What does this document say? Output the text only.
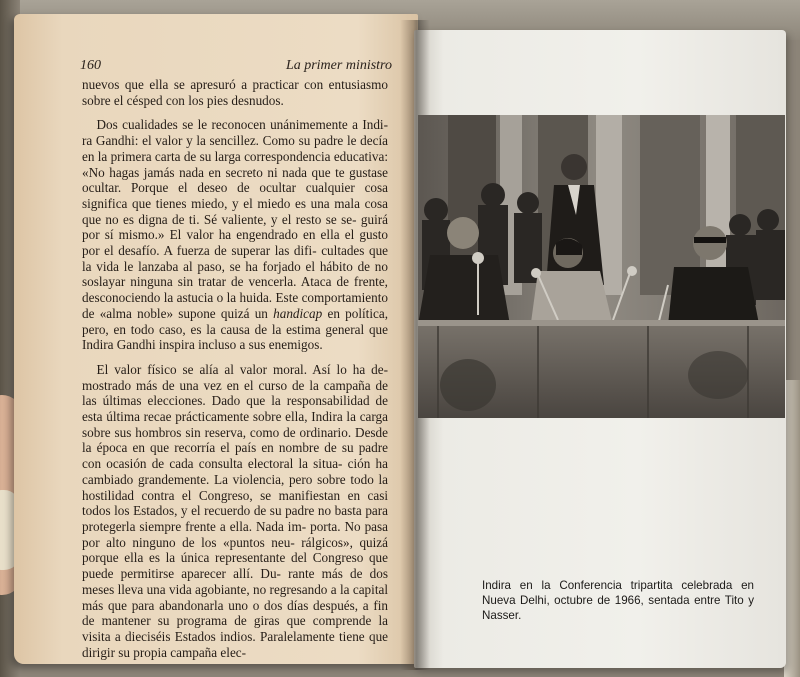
160	La primer ministro

nuevos que ella se apresuró a practicar con entusiasmo sobre el césped con los pies desnudos.

Dos cualidades se le reconocen unánimemente a Indi- ra Gandhi: el valor y la sencillez. Como su padre le decía en la primera carta de su larga correspondencia educativa: «No hagas jamás nada en secreto ni nada que te gustase ocultar. Porque el deseo de ocultar cualquier cosa significa que tienes miedo, y el miedo es una mala cosa que no es digna de ti. Sé valiente, y el resto se se- guirá por sí mismo.» El valor ha engendrado en ella el gusto por el desafío. A fuerza de superar las difi- cultades que la vida le lanzaba al paso, se ha forjado el hábito de no soslayar ninguna sin tratar de vencerla. Ataca de frente, desconociendo la astucia o la huida. Este comportamiento de «alma noble» supone quizá un handicap en política, pero, en todo caso, es la causa de la estima general que Indira Gandhi inspira incluso a sus enemigos.

El valor físico se alía al valor moral. Así lo ha de- mostrado más de una vez en el curso de la campaña de las últimas elecciones. Dado que la responsabilidad de esta última recae prácticamente sobre ella, Indira la carga sobre sus hombros sin reserva, como de ordinario. Desde la época en que recorría el país en nombre de su padre con ocasión de cada consulta electoral la situa- ción ha cambiado grandemente. La violencia, pero sobre todo la hostilidad contra el Congreso, se manifiestan en casi todos los Estados, y el recuerdo de su padre no basta para protegerla siempre frente a ella. Nada im- porta. No pasa por alto ninguno de los «puntos neu- rálgicos», quizá porque ella es la única representante del Congreso que puede permitirse aparecer allí. Du- rante más de dos meses lleva una vida agobiante, no regresando a la capital más que para abandonarla uno o dos días después, a fin de mantener su programa de giras que comprende la visita a dieciséis Estados indios. Paralelamente tiene que dirigir su propia campaña elec-

Indira en la Conferencia tripartita celebrada en Nueva Delhi, octubre de 1966, sentada entre Tito y Nasser.
